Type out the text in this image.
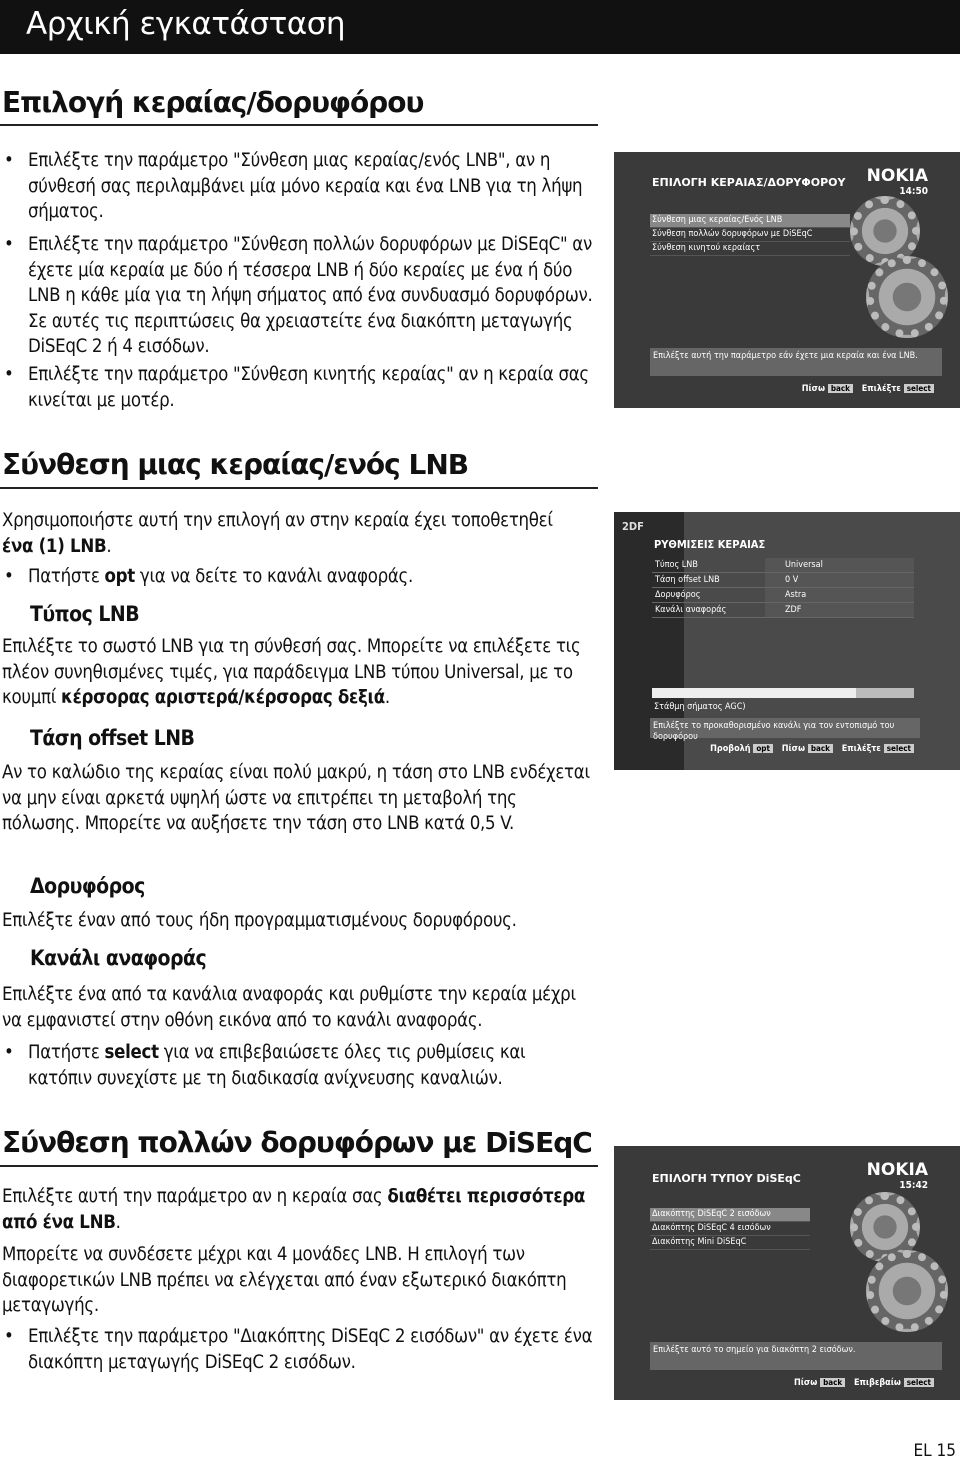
Αρχική εγκατάσταση
Επιλογή κεραίας/δορυφόρου
• Επιλέξτε την παράμετρο "Σύνθεση μιας κεραίας/ενός LNB", αν η σύνθεσή σας περιλαμβάνει μία μόνο κεραία και ένα LNB για τη λήψη σήματος.
• Επιλέξτε την παράμετρο "Σύνθεση πολλών δορυφόρων με DiSEqC" αν έχετε μία κεραία με δύο ή τέσσερα LNB ή δύο κεραίες με ένα ή δύο LNB η κάθε μία για τη λήψη σήματος από ένα συνδυασμό δορυφόρων. Σε αυτές τις περιπτώσεις θα χρειαστείτε ένα διακόπτη μεταγωγής DiSEqC 2 ή 4 εισόδων.
• Επιλέξτε την παράμετρο "Σύνθεση κινητής κεραίας" αν η κεραία σας κινείται με μοτέρ.
ΕΠΙΛΟΓΗ ΚΕΡΑΙΑΣ/ΔΟΡΥΦΟΡΟΥ NOKIA
14:50
Σύνθεση μιας κεραίας/Ενός LNB
Σύνθεση πολλών δορυφόρων με DiSEqC
Σύνθεση κινητού κεραίαςτ
Επιλέξτε αυτή την παράμετρο εάν έχετε μια κεραία και ένα LNB.
Πίσω back Επιλέξτε select
Σύνθεση μιας κεραίας/ενός LNB
Χρησιμοποιήστε αυτή την επιλογή αν στην κεραία έχει τοποθετηθεί ένα (1) LNB.
• Πατήστε opt για να δείτε το κανάλι αναφοράς.
Τύπος LNB
Επιλέξτε το σωστό LNB για τη σύνθεσή σας. Μπορείτε να επιλέξετε τις πλέον συνηθισμένες τιμές, για παράδειγμα LNB τύπου Universal, με το κουμπί κέρσορας αριστερά/κέρσορας δεξιά.
Τάση offset LNB
Αν το καλώδιο της κεραίας είναι πολύ μακρύ, η τάση στο LNB ενδέχεται να μην είναι αρκετά υψηλή ώστε να επιτρέπει τη μεταβολή της πόλωσης. Μπορείτε να αυξήσετε την τάση στο LNB κατά 0,5 V.
Δορυφόρος
Επιλέξτε έναν από τους ήδη προγραμματισμένους δορυφόρους.
Κανάλι αναφοράς
Επιλέξτε ένα από τα κανάλια αναφοράς και ρυθμίστε την κεραία μέχρι να εμφανιστεί στην οθόνη εικόνα από το κανάλι αναφοράς.
• Πατήστε select για να επιβεβαιώσετε όλες τις ρυθμίσεις και κατόπιν συνεχίστε με τη διαδικασία ανίχνευσης καναλιών.
2DF
ΡΥΘΜΙΣΕΙΣ ΚΕΡΑΙΑΣ
Τύπος LNB	Universal
Τάση offset LNB	0 V
Δορυφόρος	Astra
Κανάλι αναφοράς	ZDF
Στάθμη σήματος AGC)
Επιλέξτε το προκαθορισμένο κανάλι για τον εντοπισμό του δορυφόρου
Προβολή opt Πίσω back Επιλέξτε select
Σύνθεση πολλών δορυφόρων με DiSEqC
Επιλέξτε αυτή την παράμετρο αν η κεραία σας διαθέτει περισσότερα από ένα LNB.
Μπορείτε να συνδέσετε μέχρι και 4 μονάδες LNB. Η επιλογή των διαφορετικών LNB πρέπει να ελέγχεται από έναν εξωτερικό διακόπτη μεταγωγής.
• Επιλέξτε την παράμετρο "Διακόπτης DiSEqC 2 εισόδων" αν έχετε ένα διακόπτη μεταγωγής DiSEqC 2 εισόδων.
ΕΠΙΛΟΓΗ ΤΥΠΟΥ DiSEqC	NOKIA
15:42
Διακόπτης DiSEqC 2 εισόδων
Διακόπτης DiSEqC 4 εισόδων
Διακόπτης Mini DiSEqC
Επιλέξτε αυτό το σημείο για διακόπτη 2 εισόδων.
Πίσω back Επιβεβαίω select
EL 15
